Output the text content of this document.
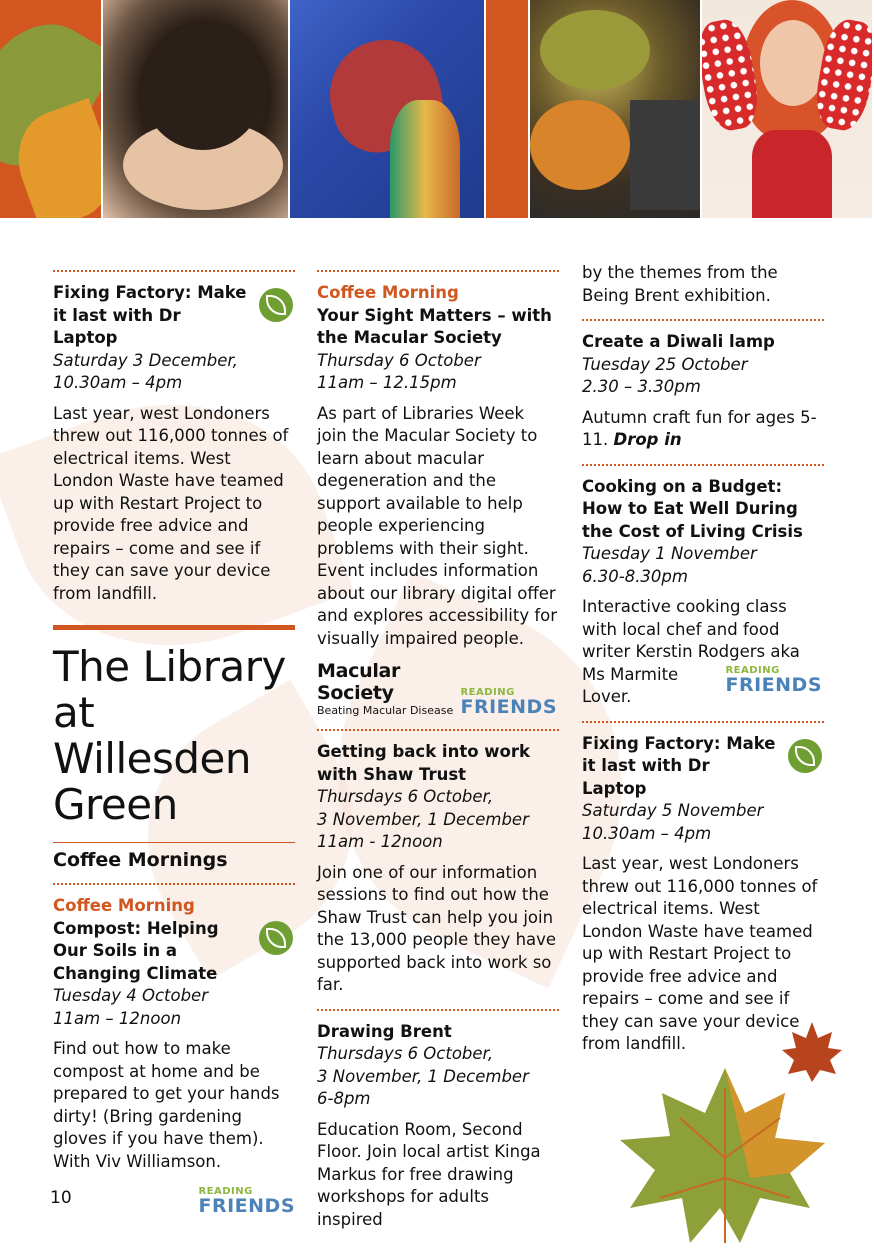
Fixing Factory: Make it last with Dr Laptop

Saturday 3 December,

10.30am – 4pm

Last year, west Londoners threw out 116,000 tonnes of electrical items. West London Waste have teamed up with Restart Project to provide free advice and repairs – come and see if they can save your device from landfill.

The Library at Willesden Green
Coffee Mornings
Coffee Morning
Compost: Helping Our Soils in a Changing Climate

Tuesday 4 October

11am – 12noon

Find out how to make compost at home and be prepared to get your hands dirty! (Bring gardening gloves if you have them). With Viv Williamson.

READING
FRIENDS
Coffee Morning
Your Sight Matters – with the Macular Society

Thursday 6 October

11am – 12.15pm

As part of Libraries Week join the Macular Society to learn about macular degeneration and the support available to help people experiencing problems with their sight. Event includes information about our library digital offer and explores accessibility for visually impaired people.

Macular Society
Beating Macular Disease
READING
FRIENDS
Getting back into work with Shaw Trust

Thursdays 6 October,

3 November, 1 December

11am - 12noon

Join one of our information sessions to find out how the Shaw Trust can help you join the 13,000 people they have supported back into work so far.

Drawing Brent

Thursdays 6 October,

3 November, 1 December

6-8pm

Education Room, Second Floor. Join local artist Kinga Markus for free drawing workshops for adults inspired

by the themes from the Being Brent exhibition.

Create a Diwali lamp

Tuesday 25 October

2.30 – 3.30pm

Autumn craft fun for ages 5- 11. Drop in

Cooking on a Budget: How to Eat Well During the Cost of Living Crisis

Tuesday 1 November

6.30-8.30pm

Interactive cooking class with local chef and food writer Kerstin Rodgers aka

Ms Marmite

Lover.

READING
FRIENDS
Fixing Factory: Make it last with Dr Laptop

Saturday 5 November

10.30am – 4pm

Last year, west Londoners threw out 116,000 tonnes of electrical items. West London Waste have teamed up with Restart Project to provide free advice and repairs – come and see if they can save your device from landfill.

10
